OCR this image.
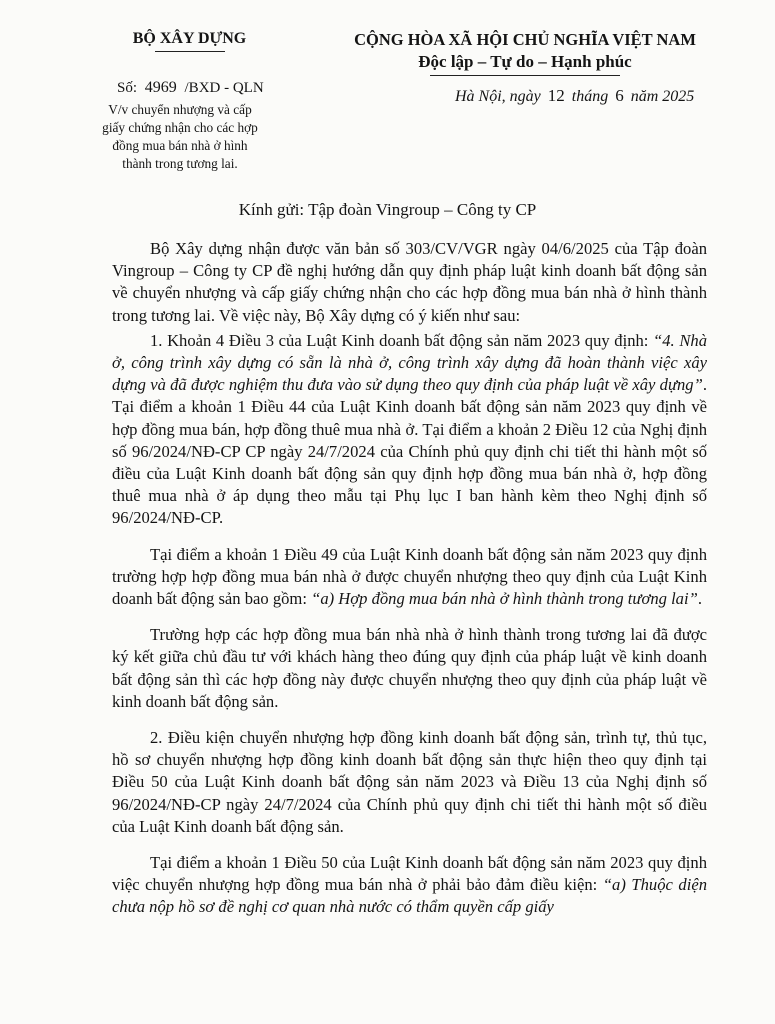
BỘ XÂY DỰNG	CỘNG HÒA XÃ HỘI CHỦ NGHĨA VIỆT NAM
Độc lập – Tự do – Hạnh phúc
Số: 4969 /BXD - QLN
V/v chuyển nhượng và cấp giấy chứng nhận cho các hợp đồng mua bán nhà ở hình thành trong tương lai.
Hà Nội, ngày 12 tháng 6 năm 2025
Kính gửi: Tập đoàn Vingroup – Công ty CP

Bộ Xây dựng nhận được văn bản số 303/CV/VGR ngày 04/6/2025 của Tập đoàn Vingroup – Công ty CP đề nghị hướng dẫn quy định pháp luật kinh doanh bất động sản về chuyển nhượng và cấp giấy chứng nhận cho các hợp đồng mua bán nhà ở hình thành trong tương lai. Về việc này, Bộ Xây dựng có ý kiến như sau:

1. Khoản 4 Điều 3 của Luật Kinh doanh bất động sản năm 2023 quy định: “4. Nhà ở, công trình xây dựng có sẵn là nhà ở, công trình xây dựng đã hoàn thành việc xây dựng và đã được nghiệm thu đưa vào sử dụng theo quy định của pháp luật về xây dựng”. Tại điểm a khoản 1 Điều 44 của Luật Kinh doanh bất động sản năm 2023 quy định về hợp đồng mua bán, hợp đồng thuê mua nhà ở. Tại điểm a khoản 2 Điều 12 của Nghị định số 96/2024/NĐ-CP CP ngày 24/7/2024 của Chính phủ quy định chi tiết thi hành một số điều của Luật Kinh doanh bất động sản quy định hợp đồng mua bán nhà ở, hợp đồng thuê mua nhà ở áp dụng theo mẫu tại Phụ lục I ban hành kèm theo Nghị định số 96/2024/NĐ-CP.

Tại điểm a khoản 1 Điều 49 của Luật Kinh doanh bất động sản năm 2023 quy định trường hợp hợp đồng mua bán nhà ở được chuyển nhượng theo quy định của Luật Kinh doanh bất động sản bao gồm: “a) Hợp đồng mua bán nhà ở hình thành trong tương lai”.

Trường hợp các hợp đồng mua bán nhà nhà ở hình thành trong tương lai đã được ký kết giữa chủ đầu tư với khách hàng theo đúng quy định của pháp luật về kinh doanh bất động sản thì các hợp đồng này được chuyển nhượng theo quy định của pháp luật về kinh doanh bất động sản.

2. Điều kiện chuyển nhượng hợp đồng kinh doanh bất động sản, trình tự, thủ tục, hồ sơ chuyển nhượng hợp đồng kinh doanh bất động sản thực hiện theo quy định tại Điều 50 của Luật Kinh doanh bất động sản năm 2023 và Điều 13 của Nghị định số 96/2024/NĐ-CP ngày 24/7/2024 của Chính phủ quy định chi tiết thi hành một số điều của Luật Kinh doanh bất động sản.

Tại điểm a khoản 1 Điều 50 của Luật Kinh doanh bất động sản năm 2023 quy định việc chuyển nhượng hợp đồng mua bán nhà ở phải bảo đảm điều kiện: “a) Thuộc diện chưa nộp hồ sơ đề nghị cơ quan nhà nước có thẩm quyền cấp giấy
